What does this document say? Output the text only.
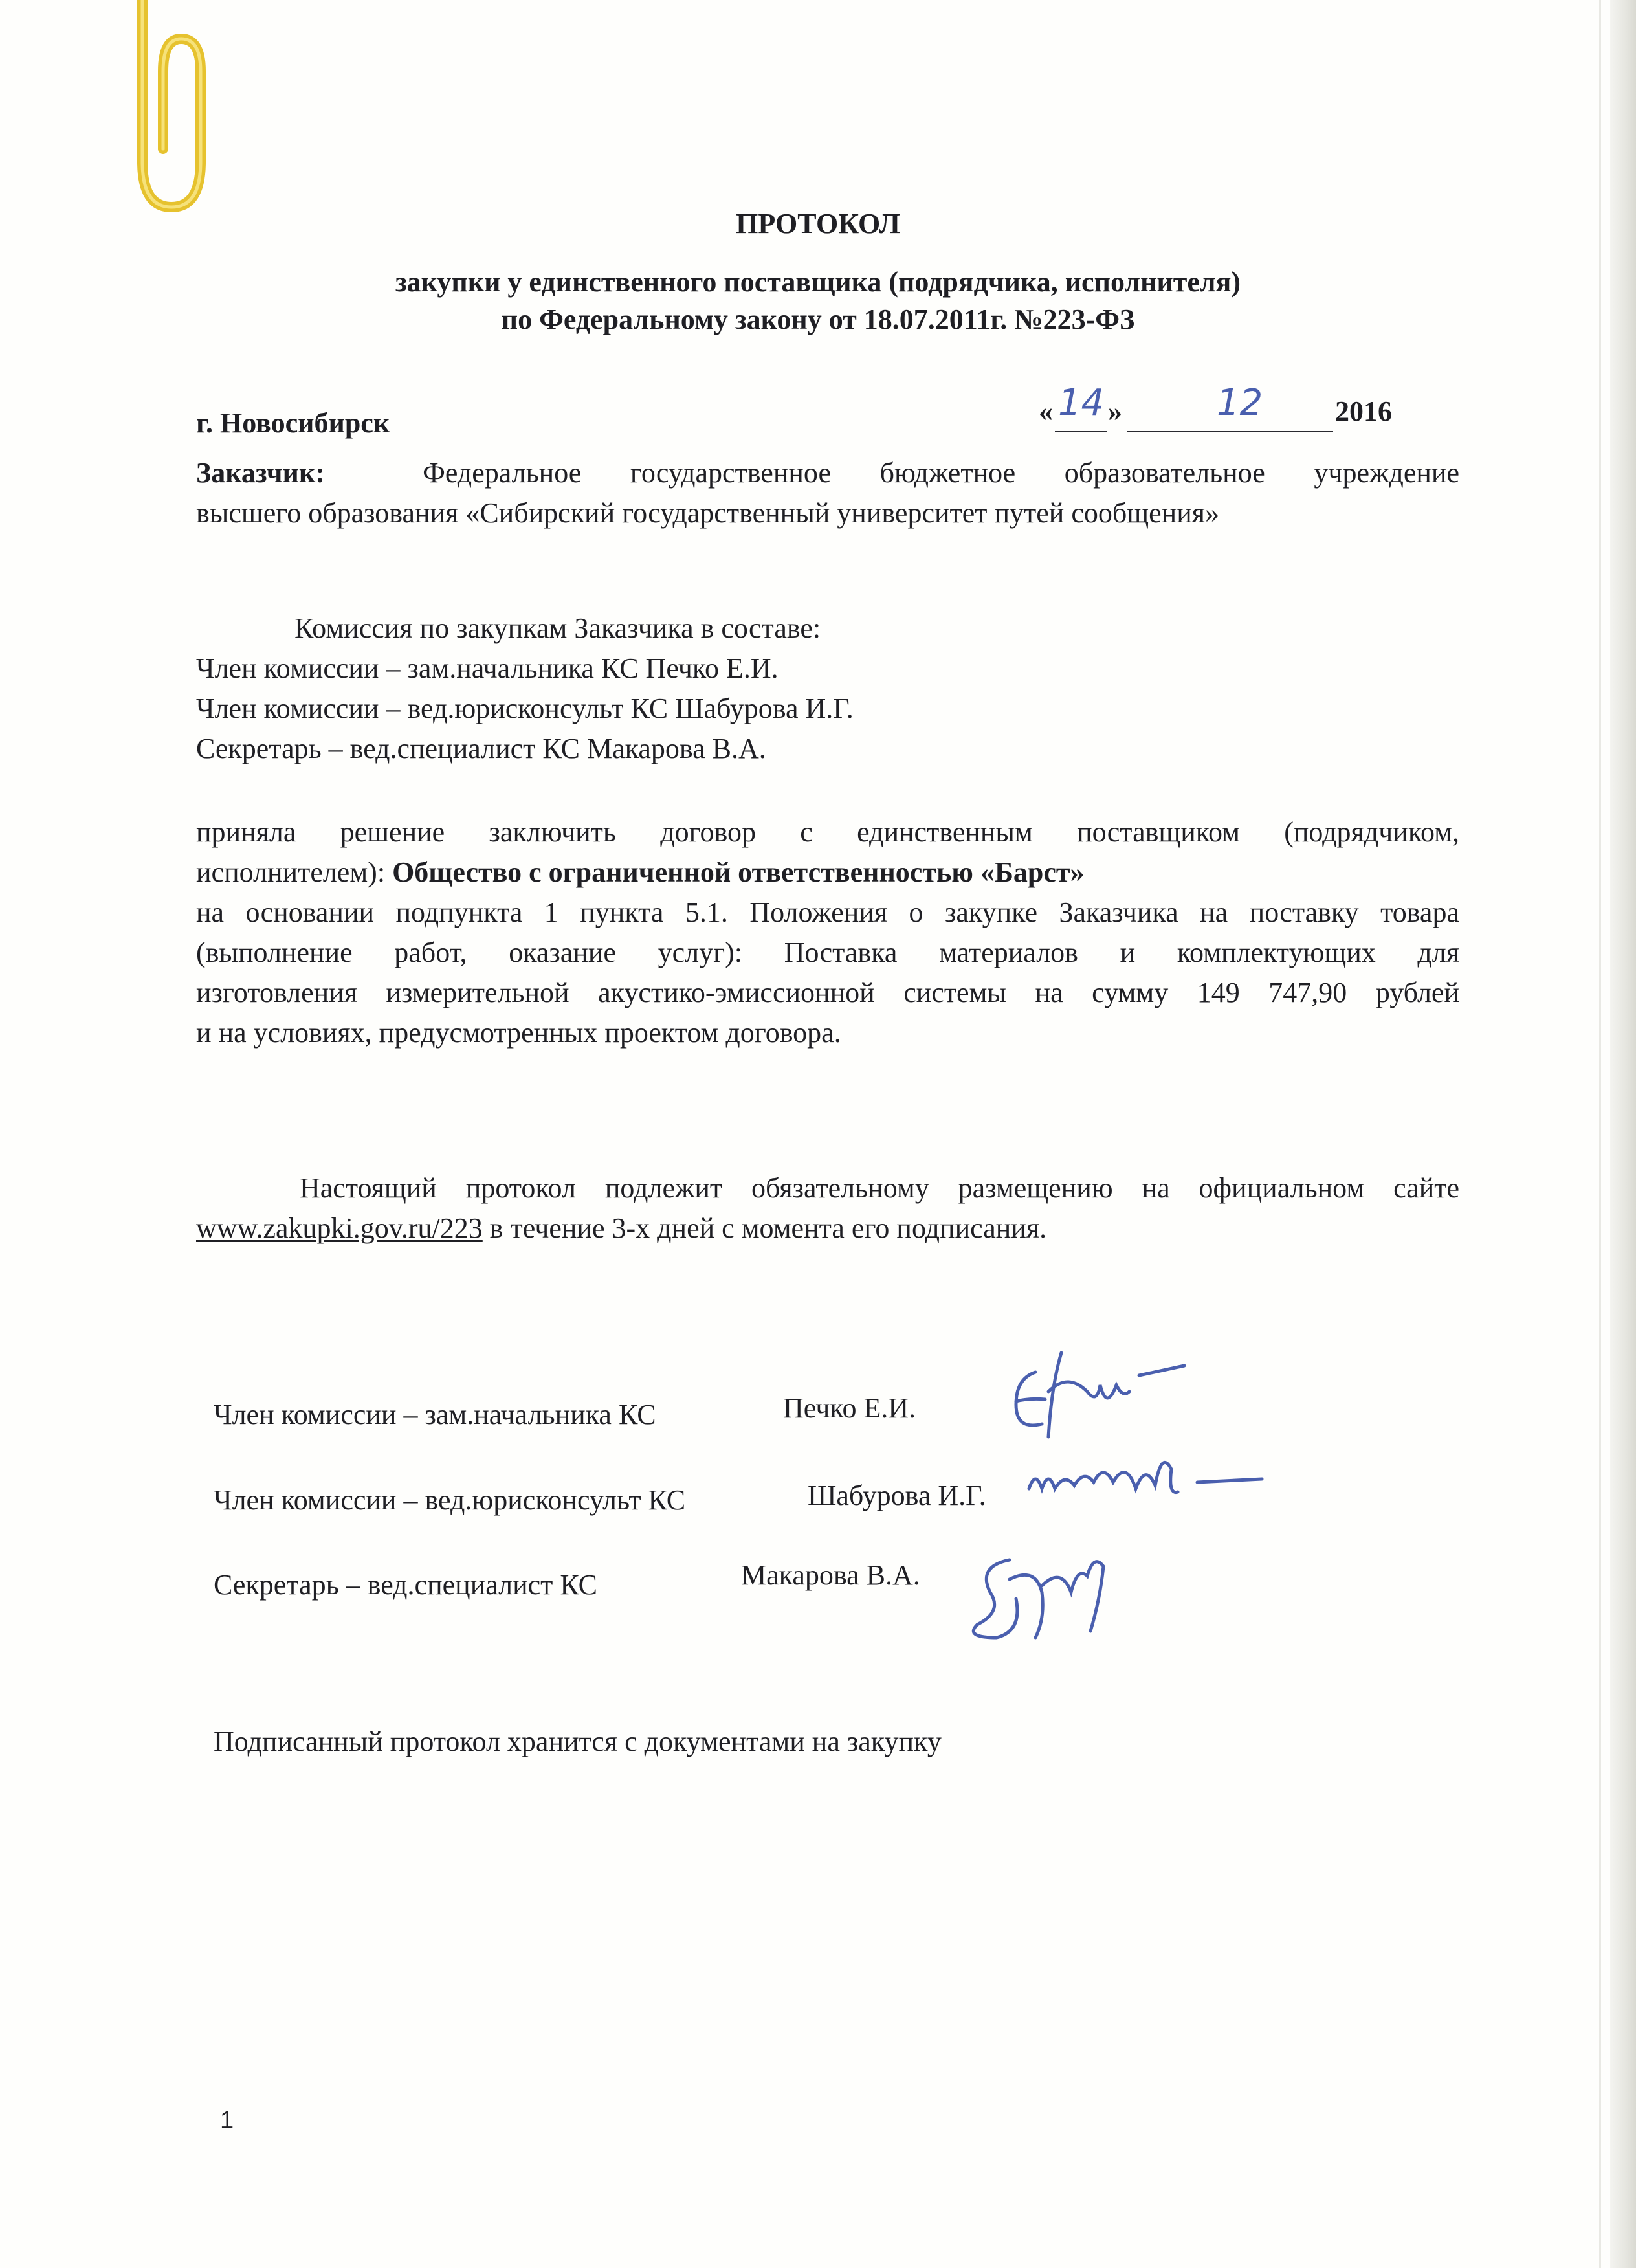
ПРОТОКОЛ
закупки у единственного поставщика (подрядчика, исполнителя)
по Федеральному закону от 18.07.2011г. №223-ФЗ
г. Новосибирск	« 14 »	12	2016
Заказчик:	Федеральное государственное бюджетное образовательное учреждение
высшего образования «Сибирский государственный университет путей сообщения»
Комиссия по закупкам Заказчика в составе:
Член комиссии – зам.начальника КС Печко Е.И.
Член комиссии – вед.юрисконсульт КС Шабурова И.Г.
Секретарь – вед.специалист КС Макарова В.А.
приняла решение заключить договор с единственным поставщиком (подрядчиком,
исполнителем): Общество с ограниченной ответственностью «Барст»
на основании подпункта 1 пункта 5.1. Положения о закупке Заказчика на поставку товара
(выполнение работ, оказание услуг): Поставка материалов и комплектующих для
изготовления измерительной акустико-эмиссионной системы на сумму 149 747,90 рублей
и на условиях, предусмотренных проектом договора.
Настоящий протокол подлежит обязательному размещению на официальном сайте
www.zakupki.gov.ru/223 в течение 3-х дней с момента его подписания.
Член комиссии – зам.начальника КС	Печко Е.И.
Член комиссии – вед.юрисконсульт КС	Шабурова И.Г.
Секретарь – вед.специалист КС	Макарова В.А.
Подписанный протокол хранится с документами на закупку
1
